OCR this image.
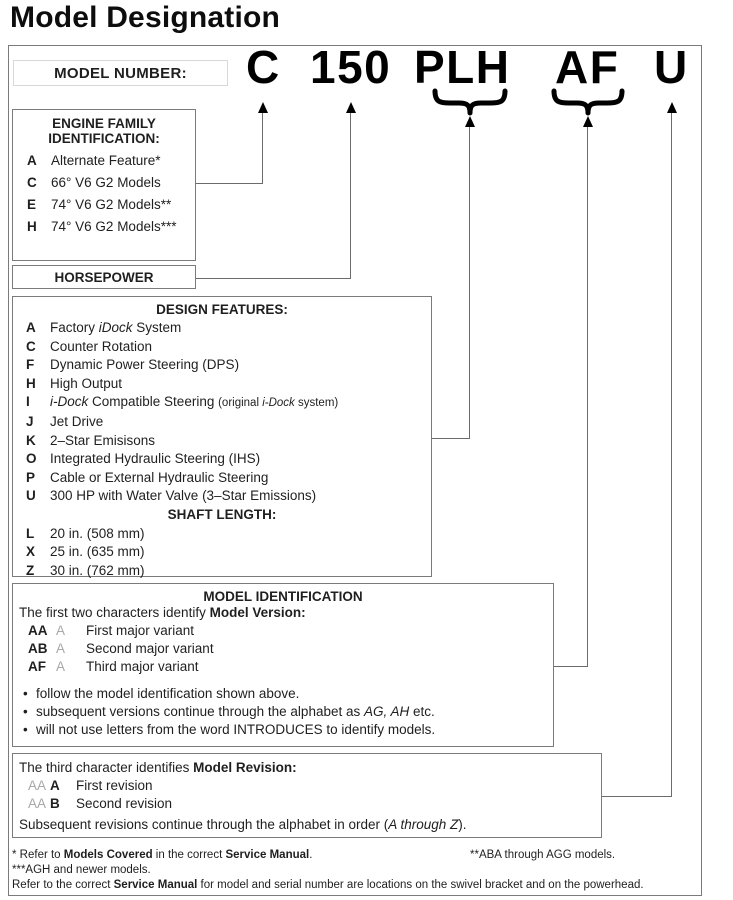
Model Designation
MODEL NUMBER: C 150 PLH AF U
ENGINE FAMILY
IDENTIFICATION:
A Alternate Feature*
C 66° V6 G2 Models
E 74° V6 G2 Models**
H 74° V6 G2 Models***
HORSEPOWER
DESIGN FEATURES:
A Factory iDock System
C Counter Rotation
F Dynamic Power Steering (DPS)
H High Output
I i-Dock Compatible Steering (original i-Dock system)
J Jet Drive
K 2–Star Emisisons
O Integrated Hydraulic Steering (IHS)
P Cable or External Hydraulic Steering
U 300 HP with Water Valve (3–Star Emissions)
SHAFT LENGTH:
L 20 in. (508 mm)
X 25 in. (635 mm)
Z 30 in. (762 mm)
MODEL IDENTIFICATION
The first two characters identify Model Version:
AA A First major variant
AB A Second major variant
AF A Third major variant
• follow the model identification shown above.
• subsequent versions continue through the alphabet as AG, AH etc.
• will not use letters from the word INTRODUCES to identify models.
The third character identifies Model Revision:
AA A First revision
AA B Second revision
Subsequent revisions continue through the alphabet in order (A through Z).
* Refer to Models Covered in the correct Service Manual.	**ABA through AGG models.
***AGH and newer models.
Refer to the correct Service Manual for model and serial number are locations on the swivel bracket and on the powerhead.
